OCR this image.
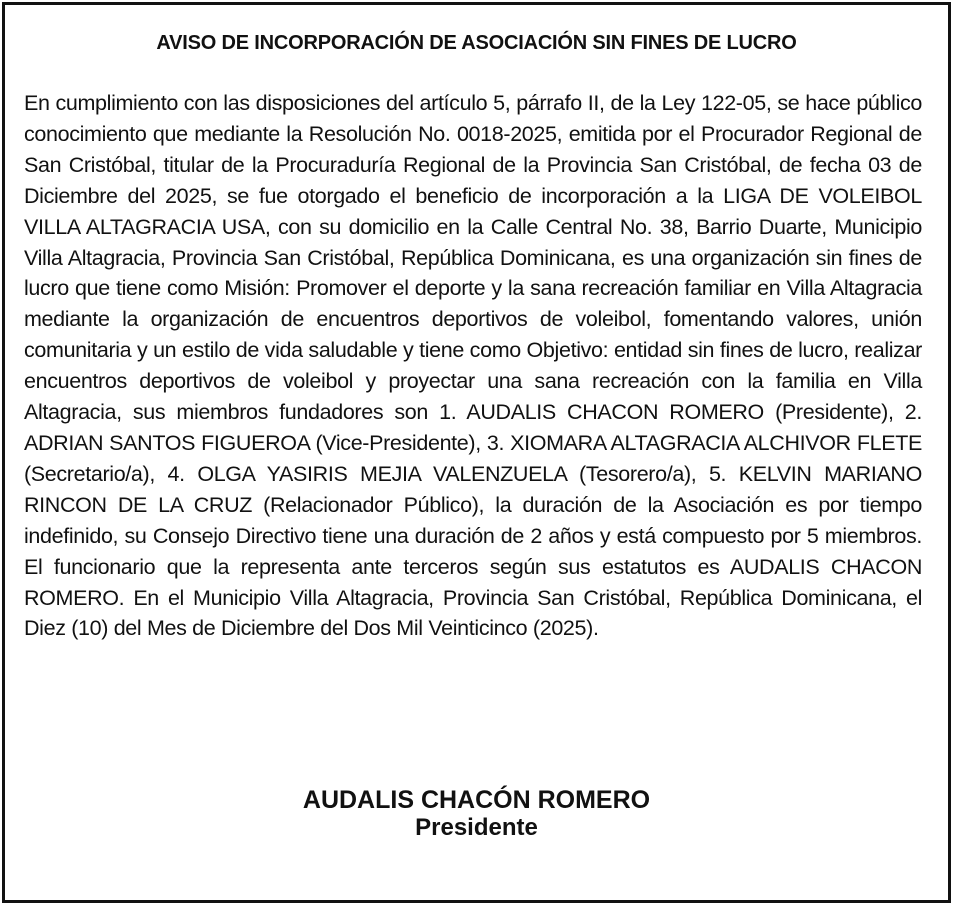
AVISO DE INCORPORACIÓN DE ASOCIACIÓN SIN FINES DE LUCRO

En cumplimiento con las disposiciones del artículo 5, párrafo II, de la Ley 122-05, se hace público conocimiento que mediante la Resolución No. 0018-2025, emitida por el Procurador Regional de San Cristóbal, titular de la Procuraduría Regional de la Provincia San Cristóbal, de fecha 03 de Diciembre del 2025, se fue otorgado el beneficio de incorporación a la LIGA DE VOLEIBOL VILLA ALTAGRACIA USA, con su domicilio en la Calle Central No. 38, Barrio Duarte, Municipio Villa Altagracia, Provincia San Cristóbal, República Dominicana, es una organización sin fines de lucro que tiene como Misión: Promover el deporte y la sana recreación familiar en Villa Altagracia mediante la organización de encuentros deportivos de voleibol, fomentando valores, unión comunitaria y un estilo de vida saludable y tiene como Objetivo: entidad sin fines de lucro, realizar encuentros deportivos de voleibol y proyectar una sana recreación con la familia en Villa Altagracia, sus miembros fundadores son 1. AUDALIS CHACON ROMERO (Presidente), 2. ADRIAN SANTOS FIGUEROA (Vice-Presidente), 3. XIOMARA ALTAGRACIA ALCHIVOR FLETE (Secretario/a), 4. OLGA YASIRIS MEJIA VALENZUELA (Tesorero/a), 5. KELVIN MARIANO RINCON DE LA CRUZ (Relacionador Público), la duración de la Asociación es por tiempo indefinido, su Consejo Directivo tiene una duración de 2 años y está compuesto por 5 miembros. El funcionario que la representa ante terceros según sus estatutos es AUDALIS CHACON ROMERO. En el Municipio Villa Altagracia, Provincia San Cristóbal, República Dominicana, el Diez (10) del Mes de Diciembre del Dos Mil Veinticinco (2025).

AUDALIS CHACÓN ROMERO

Presidente
